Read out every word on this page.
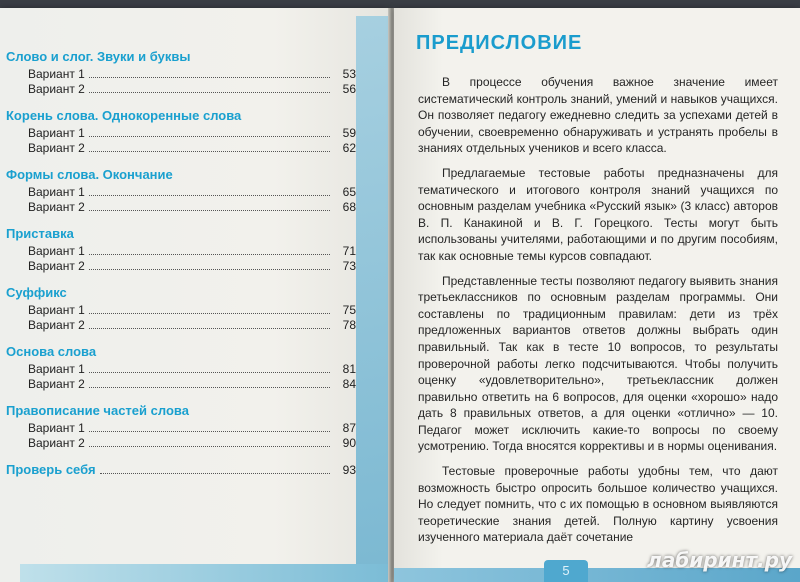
Слово и слог. Звуки и буквы
Вариант 1	53
Вариант 2	56
Корень слова. Однокоренные слова
Вариант 1	59
Вариант 2	62
Формы слова. Окончание
Вариант 1	65
Вариант 2	68
Приставка
Вариант 1	71
Вариант 2	73
Суффикс
Вариант 1	75
Вариант 2	78
Основа слова
Вариант 1	81
Вариант 2	84
Правописание частей слова
Вариант 1	87
Вариант 2	90
Проверь себя	93
ПРЕДИСЛОВИЕ

В процессе обучения важное значение имеет систематический контроль знаний, умений и навыков учащихся. Он позволяет педагогу ежедневно следить за успехами детей в обучении, своевременно обнаруживать и устранять пробелы в знаниях отдельных учеников и всего класса.

Предлагаемые тестовые работы предназначены для тематического и итогового контроля знаний учащихся по основным разделам учебника «Русский язык» (3 класс) авторов В. П. Канакиной и В. Г. Горецкого. Тесты могут быть использованы учителями, работающими и по другим пособиям, так как основные темы курсов совпадают.

Представленные тесты позволяют педагогу выявить знания третьеклассников по основным разделам программы. Они составлены по традиционным правилам: дети из трёх предложенных вариантов ответов должны выбрать один правильный. Так как в тесте 10 вопросов, то результаты проверочной работы легко подсчитываются. Чтобы получить оценку «удовлетворительно», третьеклассник должен правильно ответить на 6 вопросов, для оценки «хорошо» надо дать 8 правильных ответов, а для оценки «отлично» — 10. Педагог может исключить какие-то вопросы по своему усмотрению. Тогда вносятся коррективы и в нормы оценивания.

Тестовые проверочные работы удобны тем, что дают возможность быстро опросить большое количество учащихся. Но следует помнить, что с их помощью в основном выявляются теоретические знания детей. Полную картину усвоения изученного материала даёт сочетание

5	лабиринт.ру
